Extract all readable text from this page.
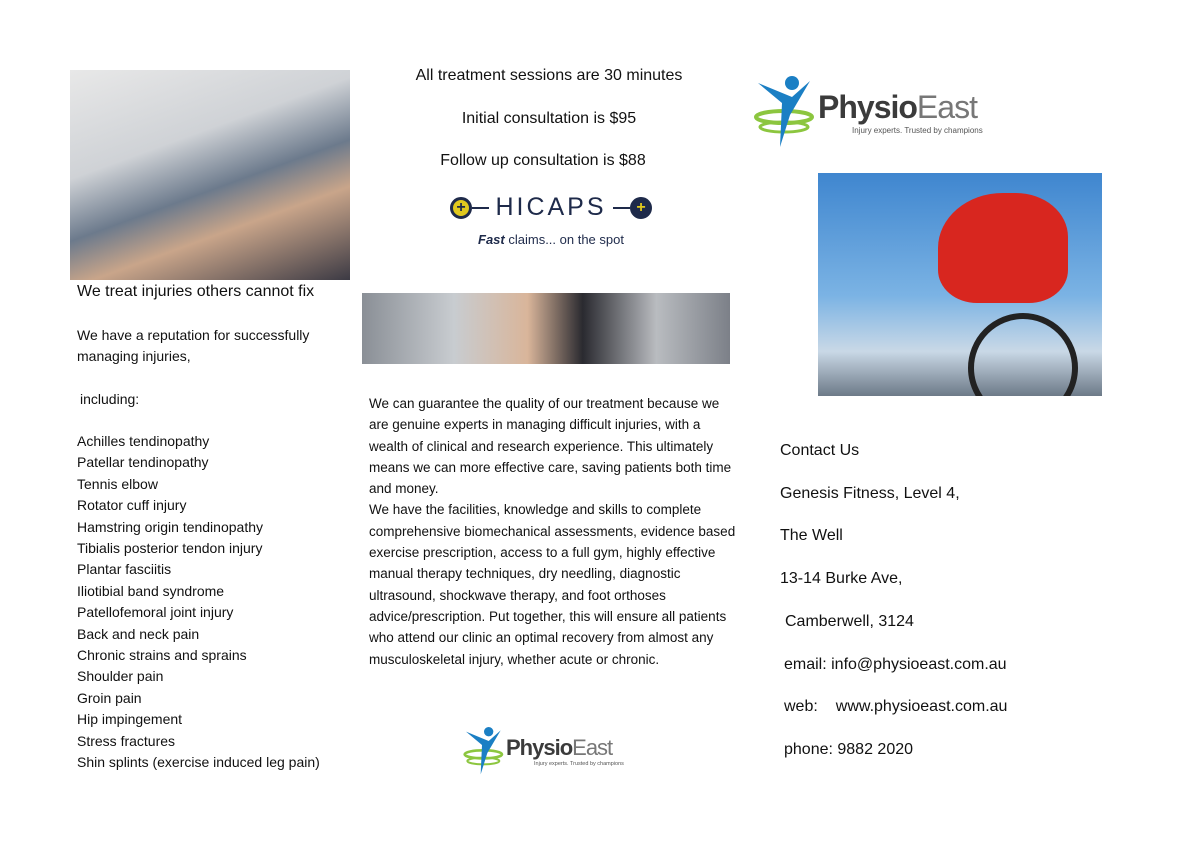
We treat injuries others cannot fix
We have a reputation for successfully managing injuries,
including:
Achilles tendinopathy
Patellar tendinopathy
Tennis elbow
Rotator cuff injury
Hamstring origin tendinopathy
Tibialis posterior tendon injury
Plantar fasciitis
Iliotibial band syndrome
Patellofemoral joint injury
Back and neck pain
Chronic strains and sprains
Shoulder pain
Groin pain
Hip impingement
Stress fractures
Shin splints (exercise induced leg pain)
All treatment sessions are 30 minutes
Initial consultation is $95
Follow up consultation is $88
+ HICAPS	+
Fast claims... on the spot
We can guarantee the quality of our treatment because we are genuine experts in managing difficult injuries, with a wealth of clinical and research experience. This ultimately means we can more effective care, saving patients both time and money.
We have the facilities, knowledge and skills to complete comprehensive biomechanical assessments, evidence based exercise prescription, access to a full gym, highly effective manual therapy techniques, dry needling, diagnostic ultrasound, shockwave therapy, and foot orthoses advice/prescription. Put together, this will ensure all patients who attend our clinic an optimal recovery from almost any musculoskeletal injury, whether acute or chronic.
PhysioEast
Injury experts. Trusted by champions
Contact Us
Genesis Fitness, Level 4,
The Well
13-14 Burke Ave,
Camberwell, 3124
email: info@physioeast.com.au
web: www.physioeast.com.au
phone: 9882 2020
PhysioEast
Injury experts. Trusted by champions
